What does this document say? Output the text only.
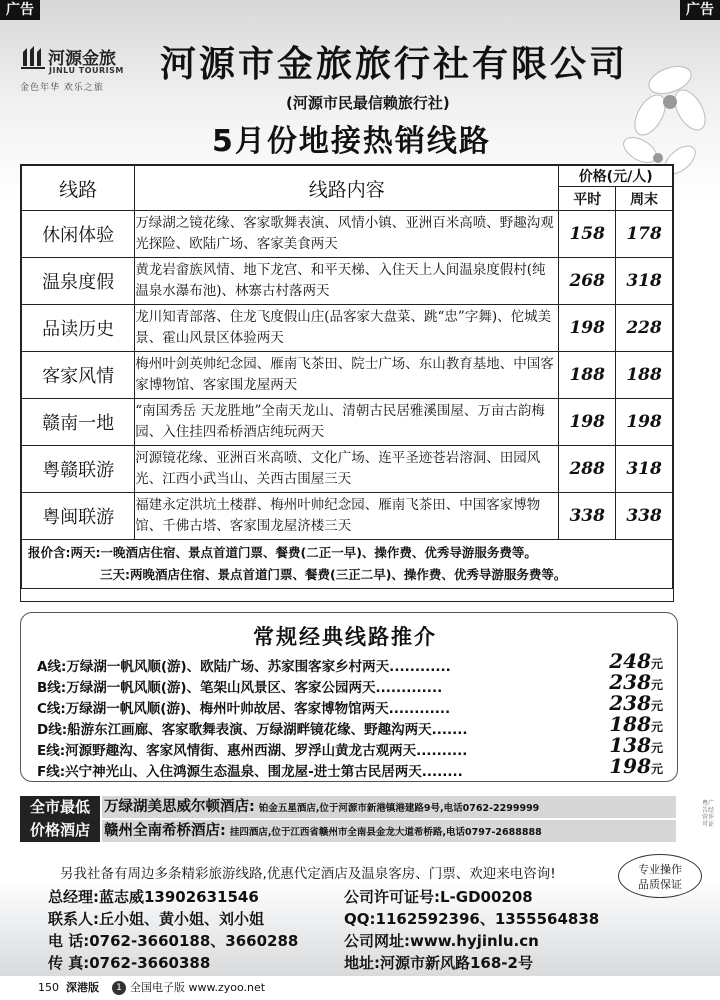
广告	广告
河源金旅
JINLU TOURISM
金色年华 欢乐之旅
河源市金旅旅行社有限公司
(河源市民最信赖旅行社)
5月份地接热销线路
线路	线路内容	价格(元/人)	
		平时	周末
休闲体验	万绿湖之镜花缘、客家歌舞表演、风情小镇、亚洲百米高喷、野趣沟观光探险、欧陆广场、客家美食两天	158	178
温泉度假	黄龙岩畲族风情、地下龙宫、和平天梯、入住天上人间温泉度假村(纯温泉水瀑布池)、林寨古村落两天	268	318
品读历史	龙川知青部落、住龙飞度假山庄(品客家大盘菜、跳“忠”字舞)、佗城美景、霍山风景区体验两天	198	228
客家风情	梅州叶剑英帅纪念园、雁南飞茶田、院士广场、东山教育基地、中国客家博物馆、客家围龙屋两天	188	188
赣南一地	“南国秀岳 天龙胜地”全南天龙山、清朝古民居雅溪围屋、万亩古韵梅园、入住挂四希桥酒店纯玩两天	198	198
粤赣联游	河源镜花缘、亚洲百米高喷、文化广场、连平圣迹苍岩溶洞、田园风光、江西小武当山、关西古围屋三天	288	318
粤闽联游	福建永定洪坑土楼群、梅州叶帅纪念园、雁南飞茶田、中国客家博物馆、千佛古塔、客家围龙屋济楼三天	338	338

报价含:两天:一晚酒店住宿、景点首道门票、餐费(二正一早)、操作费、优秀导游服务费等。
三天:两晚酒店住宿、景点首道门票、餐费(三正二早)、操作费、优秀导游服务费等。			
常规经典线路推介
A线:万绿湖一帆风顺(游)、欧陆广场、苏家围客家乡村两天............	248元
B线:万绿湖一帆风顺(游)、笔架山风景区、客家公园两天.............	238元
C线:万绿湖一帆风顺(游)、梅州叶帅故居、客家博物馆两天............	238元
D线:船游东江画廊、客家歌舞表演、万绿湖畔镜花缘、野趣沟两天.......	188元
E线:河源野趣沟、客家风情街、惠州西湖、罗浮山黄龙古观两天..........	138元
F线:兴宁神光山、入住鸿源生态温泉、围龙屋-进士第古民居两天........	198元
全市最低
价格酒店
万绿湖美思威尔顿酒店: 铂金五星酒店,位于河源市新港镇港建路9号,电话0762-2299999
赣州全南希桥酒店: 挂四酒店,位于江西省赣州市全南县金龙大道希桥路,电话0797-2688888
另我社备有周边多条精彩旅游线路,优惠代定酒店及温泉客房、门票、欢迎来电咨询!	专业操作
品质保证
总经理:蓝志威13902631546	公司许可证号:L-GD00208
联系人:丘小姐、黄小姐、刘小姐	QQ:1162592396、1355564838
电 话:0762-3660188、3660288	公司网址:www.hyjinlu.cn
传 真:0762-3660388	地址:河源市新风路168-2号
粤广告经营许可证
150 深港版	1 全国电子版 www.zyoo.net
